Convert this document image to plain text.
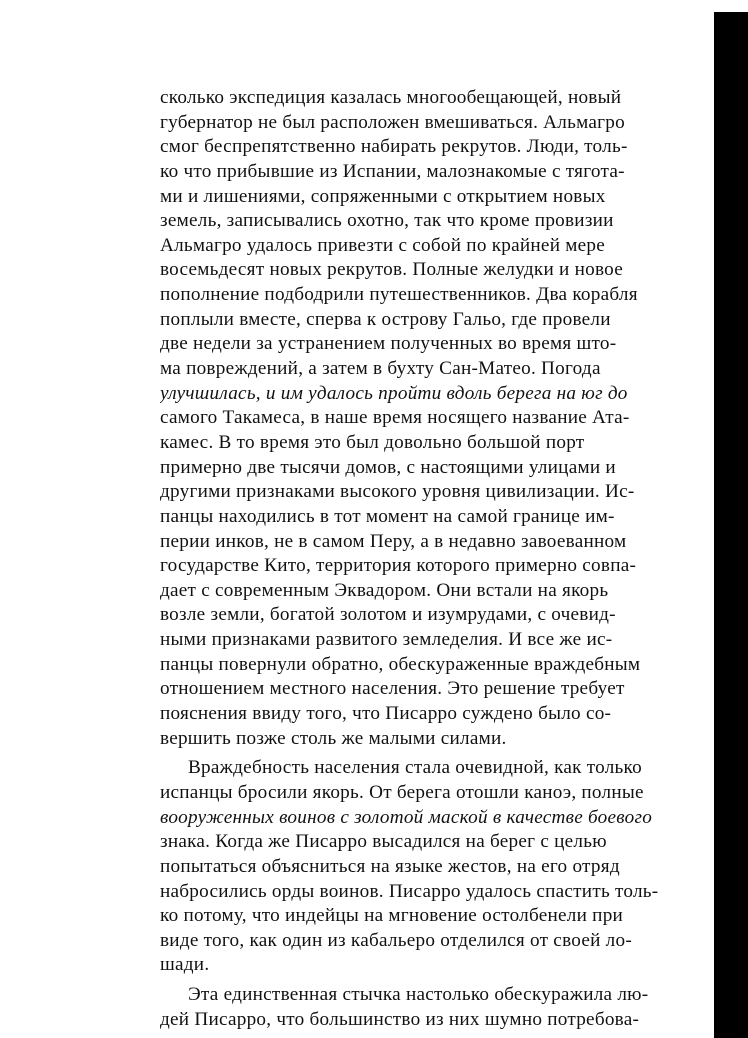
сколько экспедиция казалась многообещающей, новый
губернатор не был расположен вмешиваться. Альмагро
смог беспрепятственно набирать рекрутов. Люди, толь-
ко что прибывшие из Испании, малознакомые с тягота-
ми и лишениями, сопряженными с открытием новых
земель, записывались охотно, так что кроме провизии
Альмагро удалось привезти с собой по крайней мере
восемьдесят новых рекрутов. Полные желудки и новое
пополнение подбодрили путешественников. Два корабля
поплыли вместе, сперва к острову Гальо, где провели
две недели за устранением полученных во время што-
ма повреждений, а затем в бухту Сан-Матео. Погода
улучшилась, и им удалось пройти вдоль берега на юг до
самого Такамеса, в наше время носящего название Ата-
камес. В то время это был довольно большой порт
примерно две тысячи домов, с настоящими улицами и
другими признаками высокого уровня цивилизации. Ис-
панцы находились в тот момент на самой границе им-
перии инков, не в самом Перу, а в недавно завоеванном
государстве Кито, территория которого примерно совпа-
дает с современным Эквадором. Они встали на якорь
возле земли, богатой золотом и изумрудами, с очевид-
ными признаками развитого земледелия. И все же ис-
панцы повернули обратно, обескураженные враждебным
отношением местного населения. Это решение требует
пояснения ввиду того, что Писарро суждено было со-
вершить позже столь же малыми силами.
Враждебность населения стала очевидной, как только
испанцы бросили якорь. От берега отошли каноэ, полные
вооруженных воинов с золотой маской в качестве боевого
знака. Когда же Писарро высадился на берег с целью
попытаться объясниться на языке жестов, на его отряд
набросились орды воинов. Писарро удалось спастить толь-
ко потому, что индейцы на мгновение остолбенели при
виде того, как один из кабальеро отделился от своей ло-
шади.
Эта единственная стычка настолько обескуражила лю-
дей Писарро, что большинство из них шумно потребова-
